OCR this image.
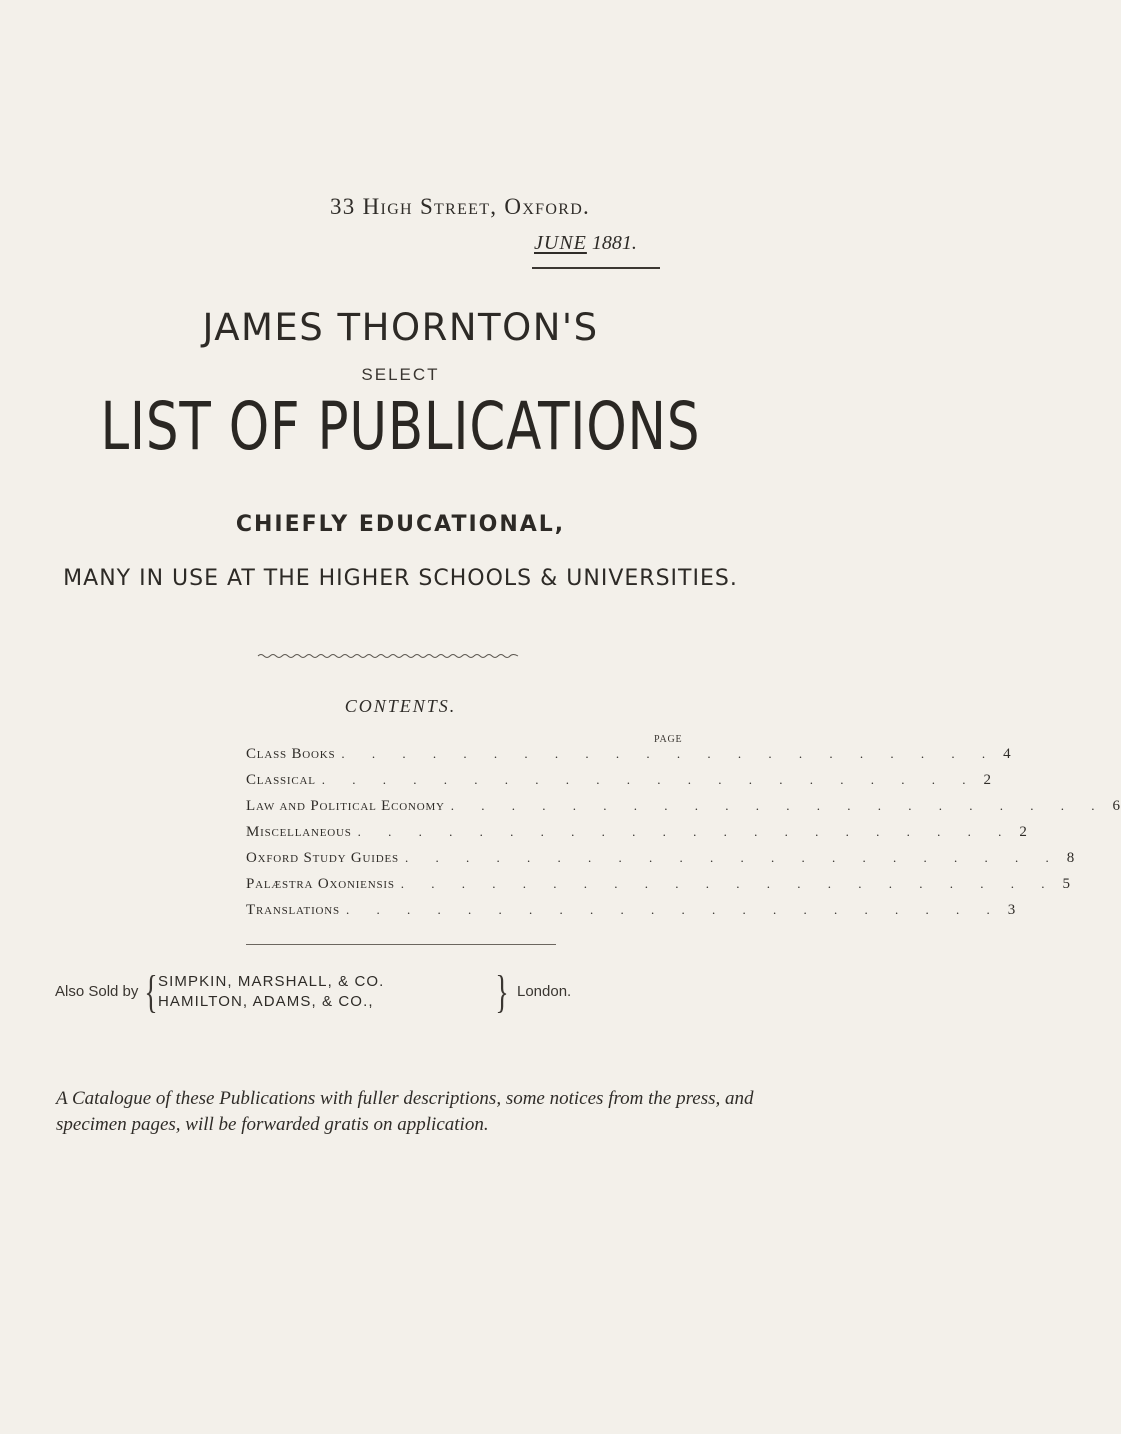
33 High Street, Oxford.
JUNE 1881.
JAMES THORNTON'S
SELECT
LIST OF PUBLICATIONS
CHIEFLY EDUCATIONAL,
MANY IN USE AT THE HIGHER SCHOOLS & UNIVERSITIES.
CONTENTS.
PAGE
Class Books . . . . . . . . . . . . . . . . . . . . . . 4
Classical . . . . . . . . . . . . . . . . . . . . . . 2
Law and Political Economy . . . . . . . . . . . . . . . . . . . . . . 6
Miscellaneous . . . . . . . . . . . . . . . . . . . . . . 2
Oxford Study Guides . . . . . . . . . . . . . . . . . . . . . . 8
Palæstra Oxoniensis . . . . . . . . . . . . . . . . . . . . . . 5
Translations . . . . . . . . . . . . . . . . . . . . . . 3
Also Sold by { SIMPKIN, MARSHALL, & CO.
HAMILTON, ADAMS, & CO.,	} London.

A Catalogue of these Publications with fuller descriptions, some notices from the press, and specimen pages, will be forwarded gratis on application.
